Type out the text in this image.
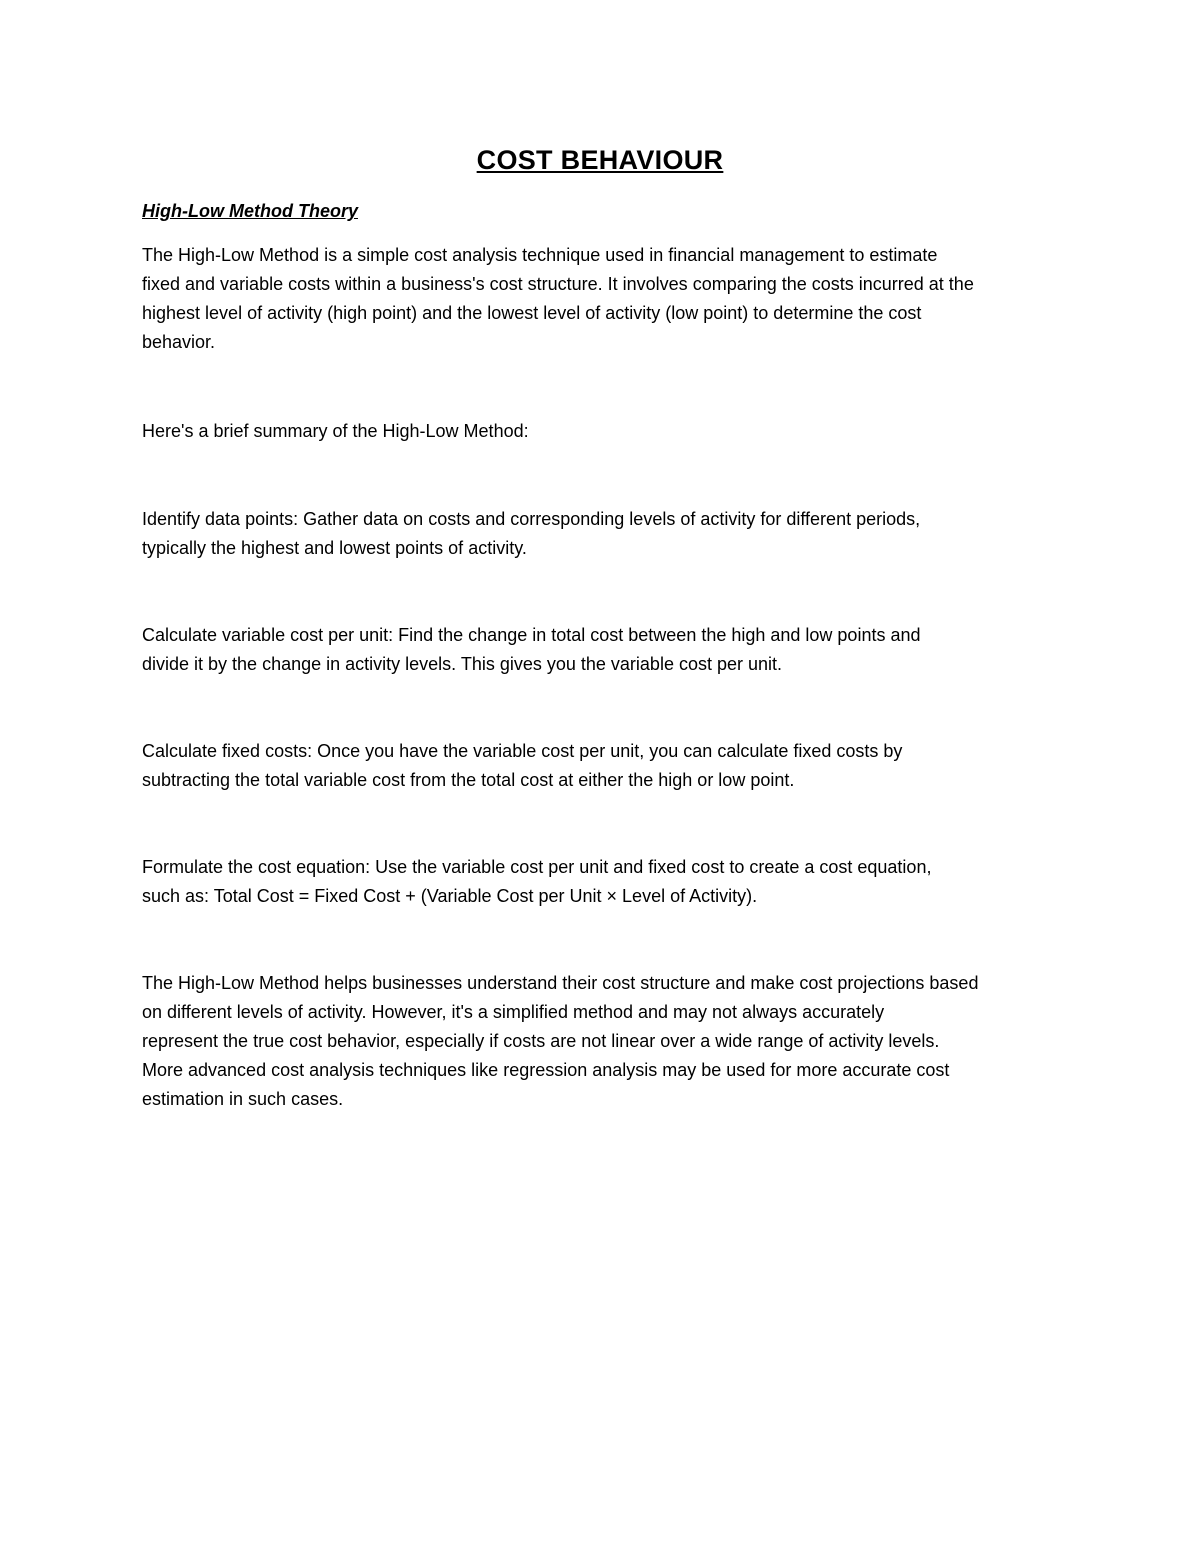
COST BEHAVIOUR
High-Low Method Theory

The High-Low Method is a simple cost analysis technique used in financial management to estimate
fixed and variable costs within a business's cost structure. It involves comparing the costs incurred at the
highest level of activity (high point) and the lowest level of activity (low point) to determine the cost
behavior.

Here's a brief summary of the High-Low Method:

Identify data points: Gather data on costs and corresponding levels of activity for different periods,
typically the highest and lowest points of activity.

Calculate variable cost per unit: Find the change in total cost between the high and low points and
divide it by the change in activity levels. This gives you the variable cost per unit.

Calculate fixed costs: Once you have the variable cost per unit, you can calculate fixed costs by
subtracting the total variable cost from the total cost at either the high or low point.

Formulate the cost equation: Use the variable cost per unit and fixed cost to create a cost equation,
such as: Total Cost = Fixed Cost + (Variable Cost per Unit × Level of Activity).

The High-Low Method helps businesses understand their cost structure and make cost projections based
on different levels of activity. However, it's a simplified method and may not always accurately
represent the true cost behavior, especially if costs are not linear over a wide range of activity levels.
More advanced cost analysis techniques like regression analysis may be used for more accurate cost
estimation in such cases.
